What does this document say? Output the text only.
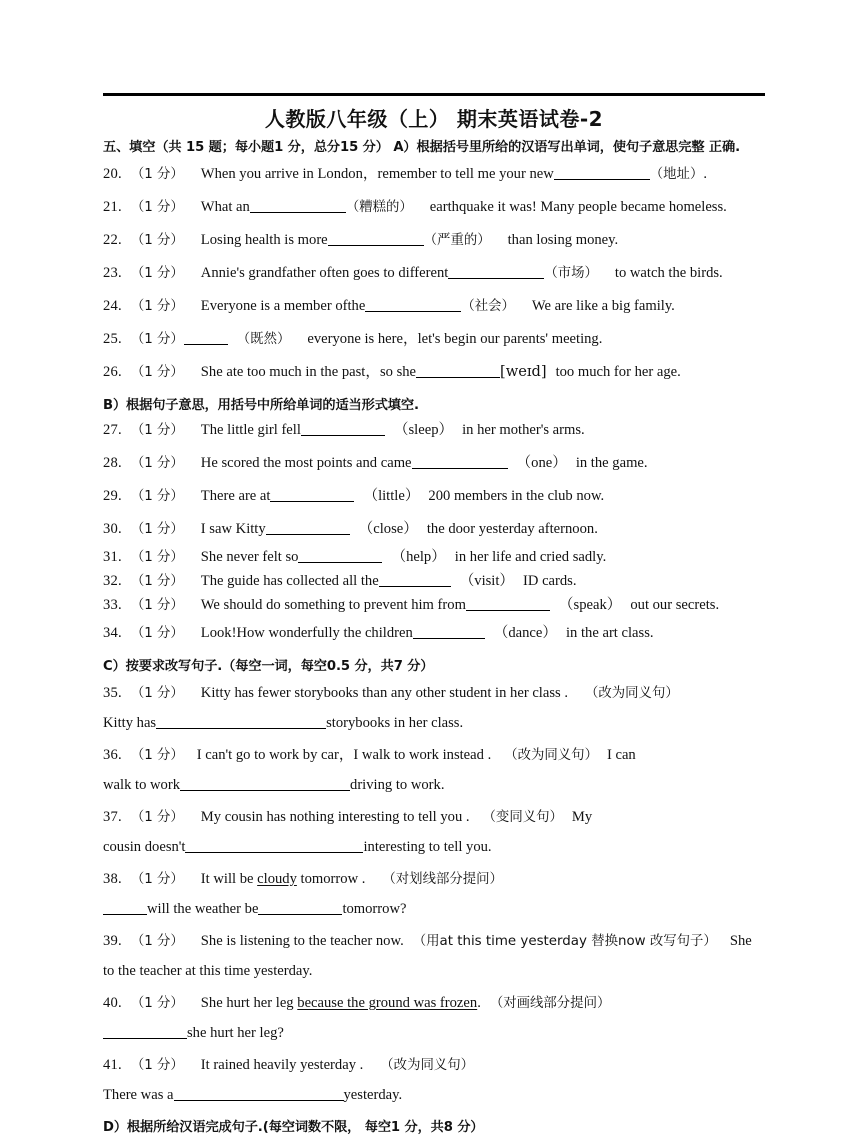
人教版八年级（上） 期末英语试卷-2

五、填空（共 15 题；每小题1 分，总分15 分） A）根据括号里所给的汉语写出单词，使句子意思完整 正确.

20. （1 分） When you arrive in London，remember to tell me your new	（地址）.

21. （1 分） What an	（糟糕的） earthquake it was! Many people became homeless.

22. （1 分） Losing health is more	（严重的） than losing money.

23. （1 分） Annie's grandfather often goes to different	（市场） to watch the birds.

24. （1 分） Everyone is a member ofthe	（社会） We are like a big family.

25. （1 分）	（既然） everyone is here，let's begin our parents' meeting.

26. （1 分） She ate too much in the past，so she	[weɪd] too much for her age.

B）根据句子意思，用括号中所给单词的适当形式填空.

27. （1 分） The little girl fell	（sleep） in her mother's arms.

28. （1 分） He scored the most points and came	（one） in the game.

29. （1 分） There are at	（little） 200 members in the club now.

30. （1 分） I saw Kitty	（close） the door yesterday afternoon.

31. （1 分） She never felt so	（help） in her life and cried sadly.

32. （1 分） The guide has collected all the	（visit） ID cards.

33. （1 分） We should do something to prevent him from	（speak） out our secrets.

34. （1 分） Look!How wonderfully the children	（dance） in the art class.

C）按要求改写句子.（每空一词，每空0.5 分，共7 分）

35. （1 分） Kitty has fewer storybooks than any other student in her class . （改为同义句）
Kitty has	storybooks in her class.

36. （1 分） I can't go to work by car，I walk to work instead . （改为同义句） I can
walk to work	driving to work.

37. （1 分） My cousin has nothing interesting to tell you . （变同义句） My
cousin doesn't	interesting to tell you.

38. （1 分） It will be cloudy tomorrow . （对划线部分提问）
will the weather be	tomorrow?

39. （1 分） She is listening to the teacher now. （用at this time yesterday 替换now 改写句子） She
to the teacher at this time yesterday.

40. （1 分） She hurt her leg because the ground was frozen. （对画线部分提问）
she hurt her leg?

41. （1 分） It rained heavily yesterday . （改为同义句）
There was a	yesterday.

D）根据所给汉语完成句子.(每空词数不限， 每空1 分，共8 分）
